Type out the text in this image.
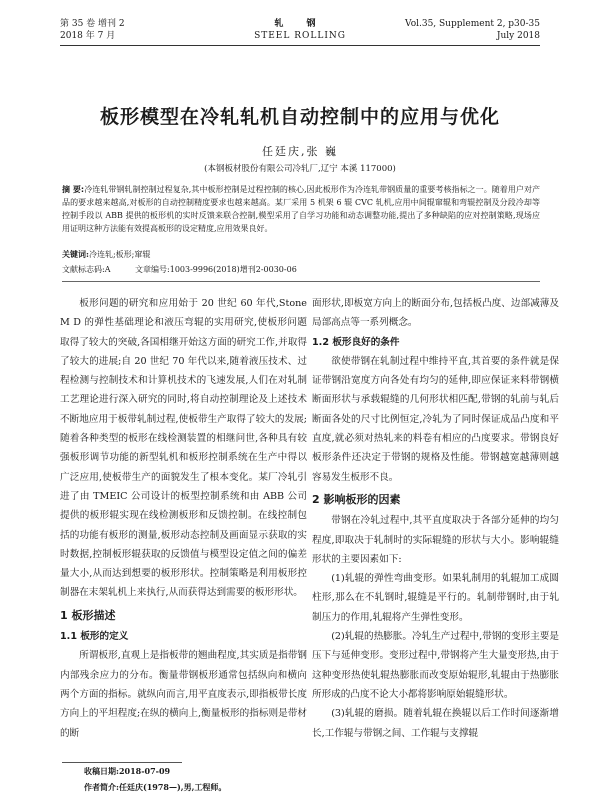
第 35 卷 增刊 2
2018 年 7 月
轧 钢
STEEL ROLLING
Vol.35, Supplement 2, p30-35
July 2018
板形模型在冷轧轧机自动控制中的应用与优化
任廷庆,张 巍
(本钢板材股份有限公司冷轧厂,辽宁 本溪 117000)
摘 要:冷连轧带钢轧制控制过程复杂,其中板形控制是过程控制的核心,因此板形作为冷连轧带钢质量的重要考核指标之一。随着用户对产品的要求越来越高,对板形的自动控制精度要求也越来越高。某厂采用 5 机架 6 辊 CVC 轧机,应用中间辊窜辊和弯辊控制及分段冷却等控制手段以 ABB 提供的板形机的实时反馈来联合控制,模型采用了自学习功能和动态调整功能,提出了多种缺陷的应对控制策略,现场应用证明这种方法能有效提高板形的设定精度,应用效果良好。
关键词:冷连轧;板形;窜辊
文献标志码:A	文章编号:1003-9996(2018)增刊2-0030-06

板形问题的研究和应用始于 20 世纪 60 年代,Stone M D 的弹性基础理论和液压弯辊的实用研究,使板形问题取得了较大的突破,各国相继开始这方面的研究工作,并取得了较大的进展;自 20 世纪 70 年代以来,随着液压技术、过程检测与控制技术和计算机技术的飞速发展,人们在对轧制工艺理论进行深入研究的同时,将自动控制理论及上述技术不断地应用于板带轧制过程,使板带生产取得了较大的发展;随着各种类型的板形在线检测装置的相继问世,各种具有较强板形调节功能的新型轧机和板形控制系统在生产中得以广泛应用,使板带生产的面貌发生了根本变化。某厂冷轧引进了由 TMEIC 公司设计的板型控制系统和由 ABB 公司提供的板形辊实现在线检测板形和反馈控制。在线控制包括的功能有板形的测量,板形动态控制及画面显示获取的实时数据,控制板形辊获取的反馈值与模型设定值之间的偏差量大小,从而达到想要的板形形状。控制策略是利用板形控制器在末架轧机上来执行,从而获得达到需要的板形形状。

1 板形描述
1.1 板形的定义

所谓板形,直观上是指板带的翘曲程度,其实质是指带钢内部残余应力的分布。衡量带钢板形通常包括纵向和横向两个方面的指标。就纵向而言,用平直度表示,即指板带长度方向上的平坦程度;在纵的横向上,衡量板形的指标则是带材的断

面形状,即板宽方向上的断面分布,包括板凸度、边部减薄及局部高点等一系列概念。

1.2 板形良好的条件

欲使带钢在轧制过程中维持平直,其首要的条件就是保证带钢沿宽度方向各处有均匀的延伸,即应保证来料带钢横断面形状与承载辊缝的几何形状相匹配,带钢的轧前与轧后断面各处的尺寸比例恒定,冷轧为了同时保证成品凸度和平直度,就必须对热轧来的料卷有相应的凸度要求。带钢良好板形条件还决定于带钢的规格及性能。带钢越宽越薄则越容易发生板形不良。

2 影响板形的因素

带钢在冷轧过程中,其平直度取决于各部分延伸的均匀程度,即取决于轧制时的实际辊缝的形状与大小。影响辊缝形状的主要因素如下:

(1)轧辊的弹性弯曲变形。如果轧制用的轧辊加工成圆柱形,那么在不轧钢时,辊缝是平行的。轧制带钢时,由于轧制压力的作用,轧辊将产生弹性变形。

(2)轧辊的热膨胀。冷轧生产过程中,带钢的变形主要是压下与延伸变形。变形过程中,带钢将产生大量变形热,由于这种变形热使轧辊热膨胀而改变原始辊形,轧辊由于热膨胀所形成的凸度不论大小都将影响原始辊缝形状。

(3)轧辊的磨损。随着轧辊在换辊以后工作时间逐渐增长,工作辊与带钢之间、工作辊与支撑辊

收稿日期:2018-07-09
作者简介:任廷庆(1978—),男,工程师。
